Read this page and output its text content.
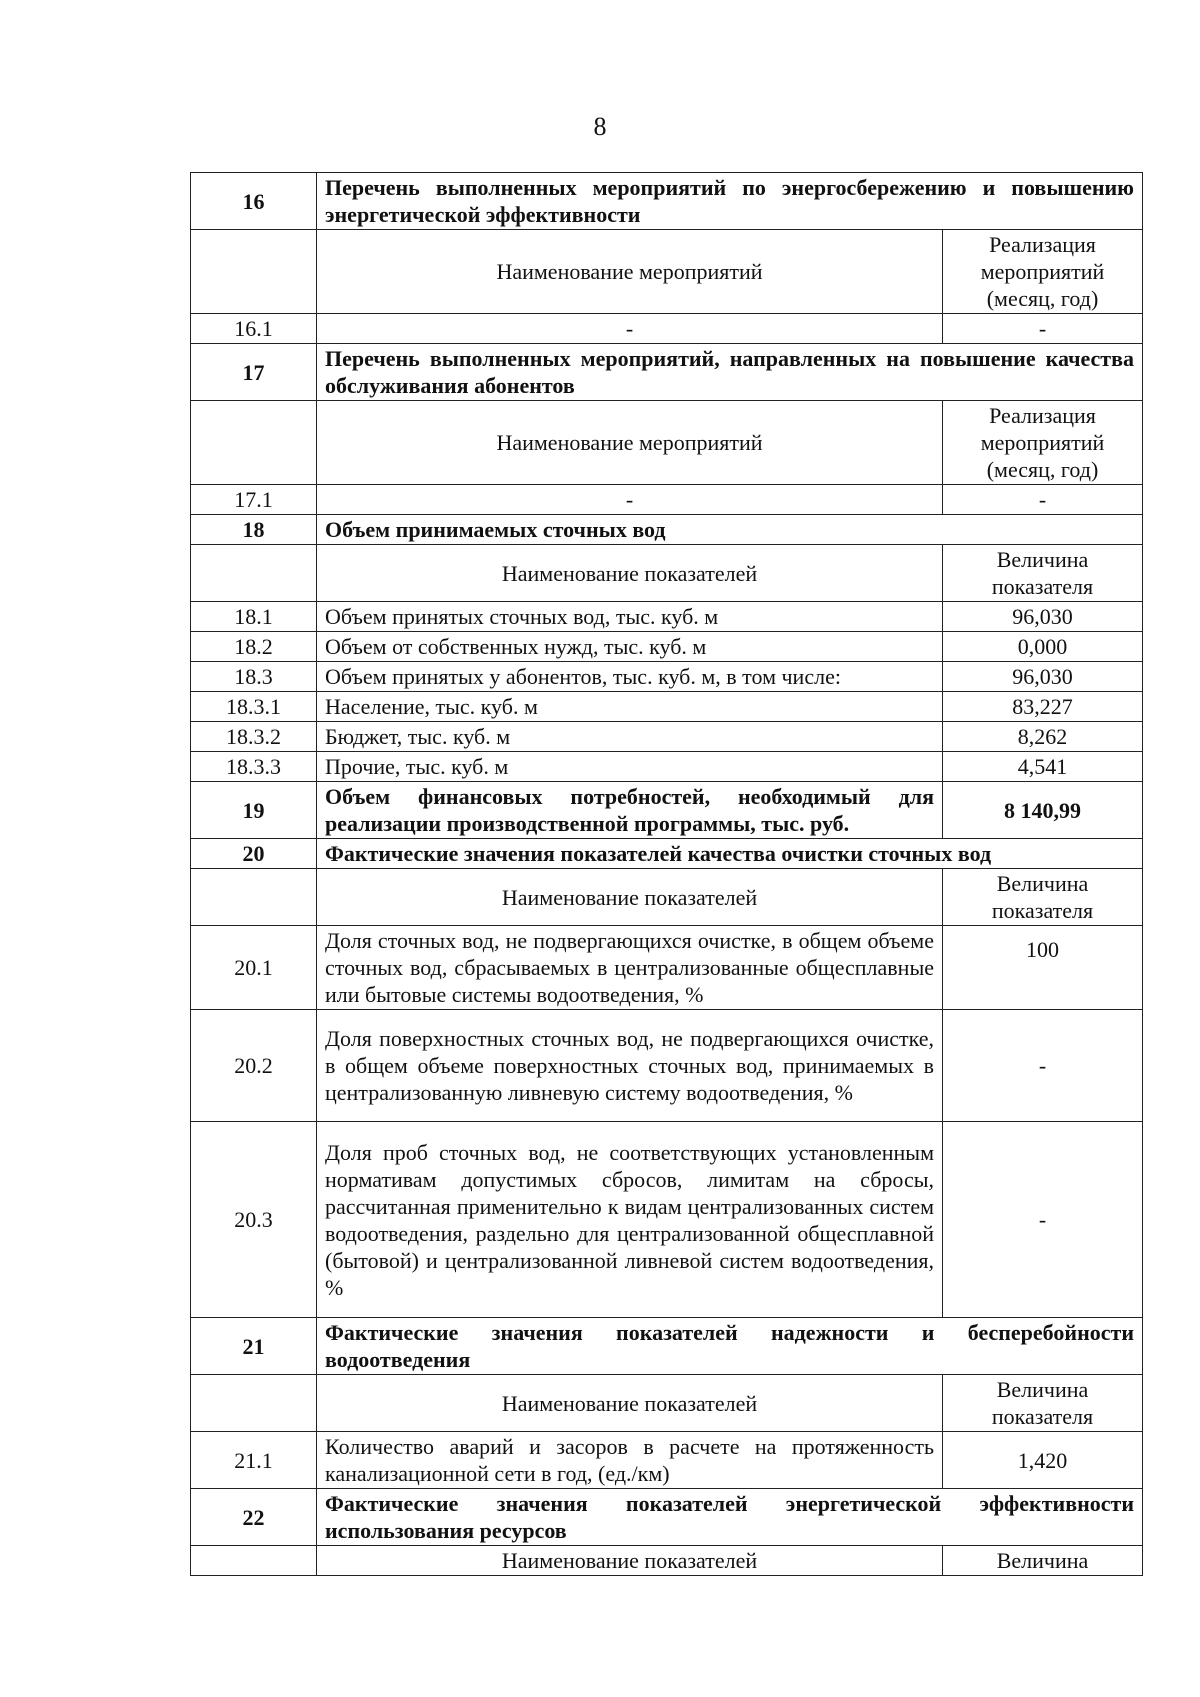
8
16	Перечень выполненных мероприятий по энергосбережению и повышению энергетической эффективности	
	Наименование мероприятий	Реализация мероприятий (месяц, год)
16.1	-	-
17	Перечень выполненных мероприятий, направленных на повышение качества обслуживания абонентов	
	Наименование мероприятий	Реализация мероприятий (месяц, год)
17.1	-	-
18	Объем принимаемых сточных вод	
	Наименование показателей	Величина показателя
18.1	Объем принятых сточных вод, тыс. куб. м	96,030
18.2	Объем от собственных нужд, тыс. куб. м	0,000
18.3	Объем принятых у абонентов, тыс. куб. м, в том числе:	96,030
18.3.1	Население, тыс. куб. м	83,227
18.3.2	Бюджет, тыс. куб. м	8,262
18.3.3	Прочие, тыс. куб. м	4,541
19	Объем финансовых потребностей, необходимый для реализации производственной программы, тыс. руб.	8 140,99
20	Фактические значения показателей качества очистки сточных вод	
	Наименование показателей	Величина показателя
20.1	Доля сточных вод, не подвергающихся очистке, в общем объеме сточных вод, сбрасываемых в централизованные общесплавные или бытовые системы водоотведения, %	100
20.2	Доля поверхностных сточных вод, не подвергающихся очистке, в общем объеме поверхностных сточных вод, принимаемых в централизованную ливневую систему водоотведения, %	-
20.3	Доля проб сточных вод, не соответствующих установленным нормативам допустимых сбросов, лимитам на сбросы, рассчитанная применительно к видам централизованных систем водоотведения, раздельно для централизованной общесплавной (бытовой) и централизованной ливневой систем водоотведения, %	-
21	Фактические значения показателей надежности и бесперебойности водоотведения	
	Наименование показателей	Величина показателя
21.1	Количество аварий и засоров в расчете на протяженность канализационной сети в год, (ед./км)	1,420
22	Фактические значения показателей энергетической эффективности использования ресурсов	
	Наименование показателей	Величина
